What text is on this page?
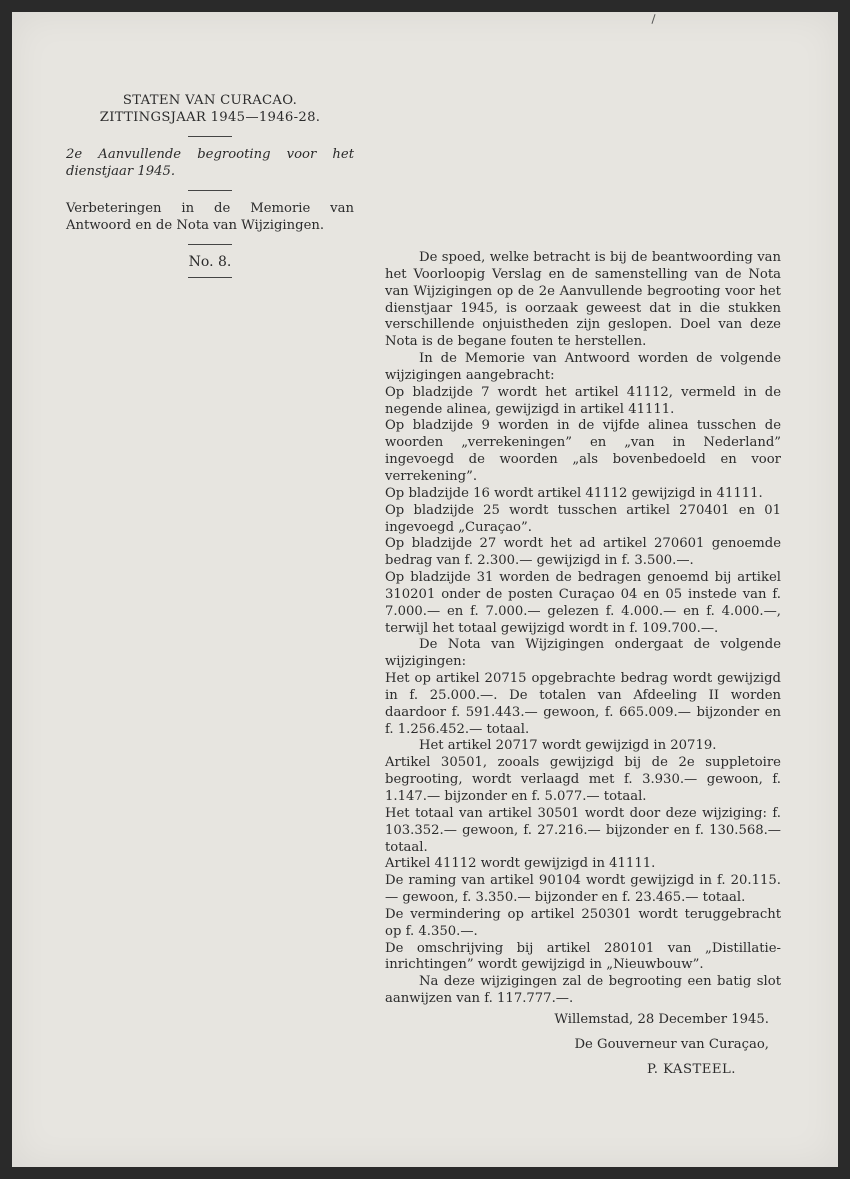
STATEN VAN CURACAO.
ZITTINGSJAAR 1945—1946-28.
2e Aanvullende begrooting voor het dienstjaar 1945.
Verbeteringen in de Memorie van Antwoord en de Nota van Wijzigingen.
No. 8.	De spoed, welke betracht is bij de beantwoording van het Voorloopig Verslag en de samenstelling van de Nota van Wijzigingen op de 2e Aanvullende begrooting voor het dienstjaar 1945, is oorzaak geweest dat in die stukken verschillende onjuistheden zijn geslopen. Doel van deze Nota is de begane fouten te herstellen.

In de Memorie van Antwoord worden de volgende wijzigingen aangebracht:

Op bladzijde 7 wordt het artikel 41112, vermeld in de negende alinea, gewijzigd in artikel 41111.

Op bladzijde 9 worden in de vijfde alinea tusschen de woorden „verrekeningen” en „van in Nederland” ingevoegd de woorden „als bovenbedoeld en voor verrekening”.

Op bladzijde 16 wordt artikel 41112 gewijzigd in 41111.

Op bladzijde 25 wordt tusschen artikel 270401 en 01 ingevoegd „Curaçao”.

Op bladzijde 27 wordt het ad artikel 270601 genoemde bedrag van f. 2.300.— gewijzigd in f. 3.500.—.

Op bladzijde 31 worden de bedragen genoemd bij artikel 310201 onder de posten Curaçao 04 en 05 instede van f. 7.000.— en f. 7.000.— gelezen f. 4.000.— en f. 4.000.—, terwijl het totaal gewijzigd wordt in f. 109.700.—.

De Nota van Wijzigingen ondergaat de volgende wijzigingen:

Het op artikel 20715 opgebrachte bedrag wordt gewijzigd in f. 25.000.—. De totalen van Afdeeling II worden daardoor f. 591.443.— gewoon, f. 665.009.— bijzonder en f. 1.256.452.— totaal.

Het artikel 20717 wordt gewijzigd in 20719.

Artikel 30501, zooals gewijzigd bij de 2e suppletoire begrooting, wordt verlaagd met f. 3.930.— gewoon, f. 1.147.— bijzonder en f. 5.077.— totaal.

Het totaal van artikel 30501 wordt door deze wijziging: f. 103.352.— gewoon, f. 27.216.— bijzonder en f. 130.568.— totaal.

Artikel 41112 wordt gewijzigd in 41111.

De raming van artikel 90104 wordt gewijzigd in f. 20.115.— gewoon, f. 3.350.— bijzonder en f. 23.465.— totaal.

De vermindering op artikel 250301 wordt teruggebracht op f. 4.350.—.

De omschrijving bij artikel 280101 van „Distillatie-inrichtingen” wordt gewijzigd in „Nieuwbouw”.

Na deze wijzigingen zal de begrooting een batig slot aanwijzen van f. 117.777.—.

Willemstad, 28 December 1945.

De Gouverneur van Curaçao,

P. KASTEEL.
